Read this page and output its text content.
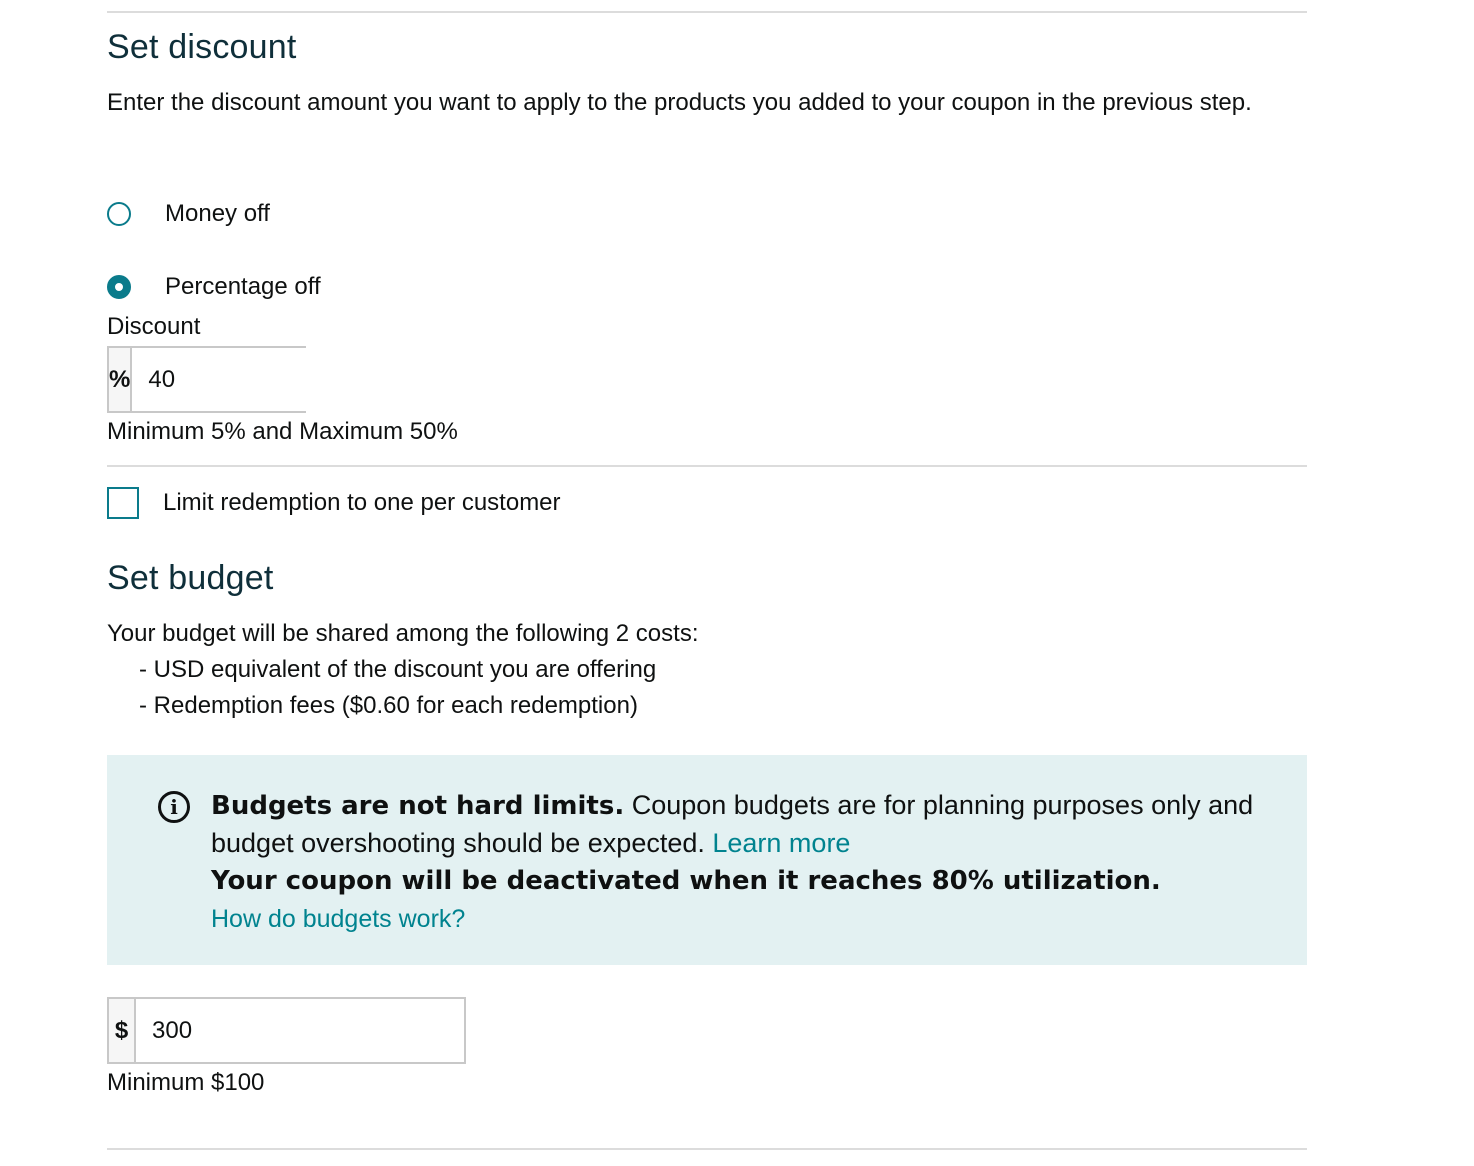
Set discount
Enter the discount amount you want to apply to the products you added to your coupon in the previous step.
Money off
Percentage off
Discount
%
40
Minimum 5% and Maximum 50%
Limit redemption to one per customer
Set budget
Your budget will be shared among the following 2 costs:
- USD equivalent of the discount you are offering
- Redemption fees ($0.60 for each redemption)
i	Budgets are not hard limits. Coupon budgets are for planning purposes only and budget overshooting should be expected. Learn more
Your coupon will be deactivated when it reaches 80% utilization.
How do budgets work?
$
300
Minimum $100
